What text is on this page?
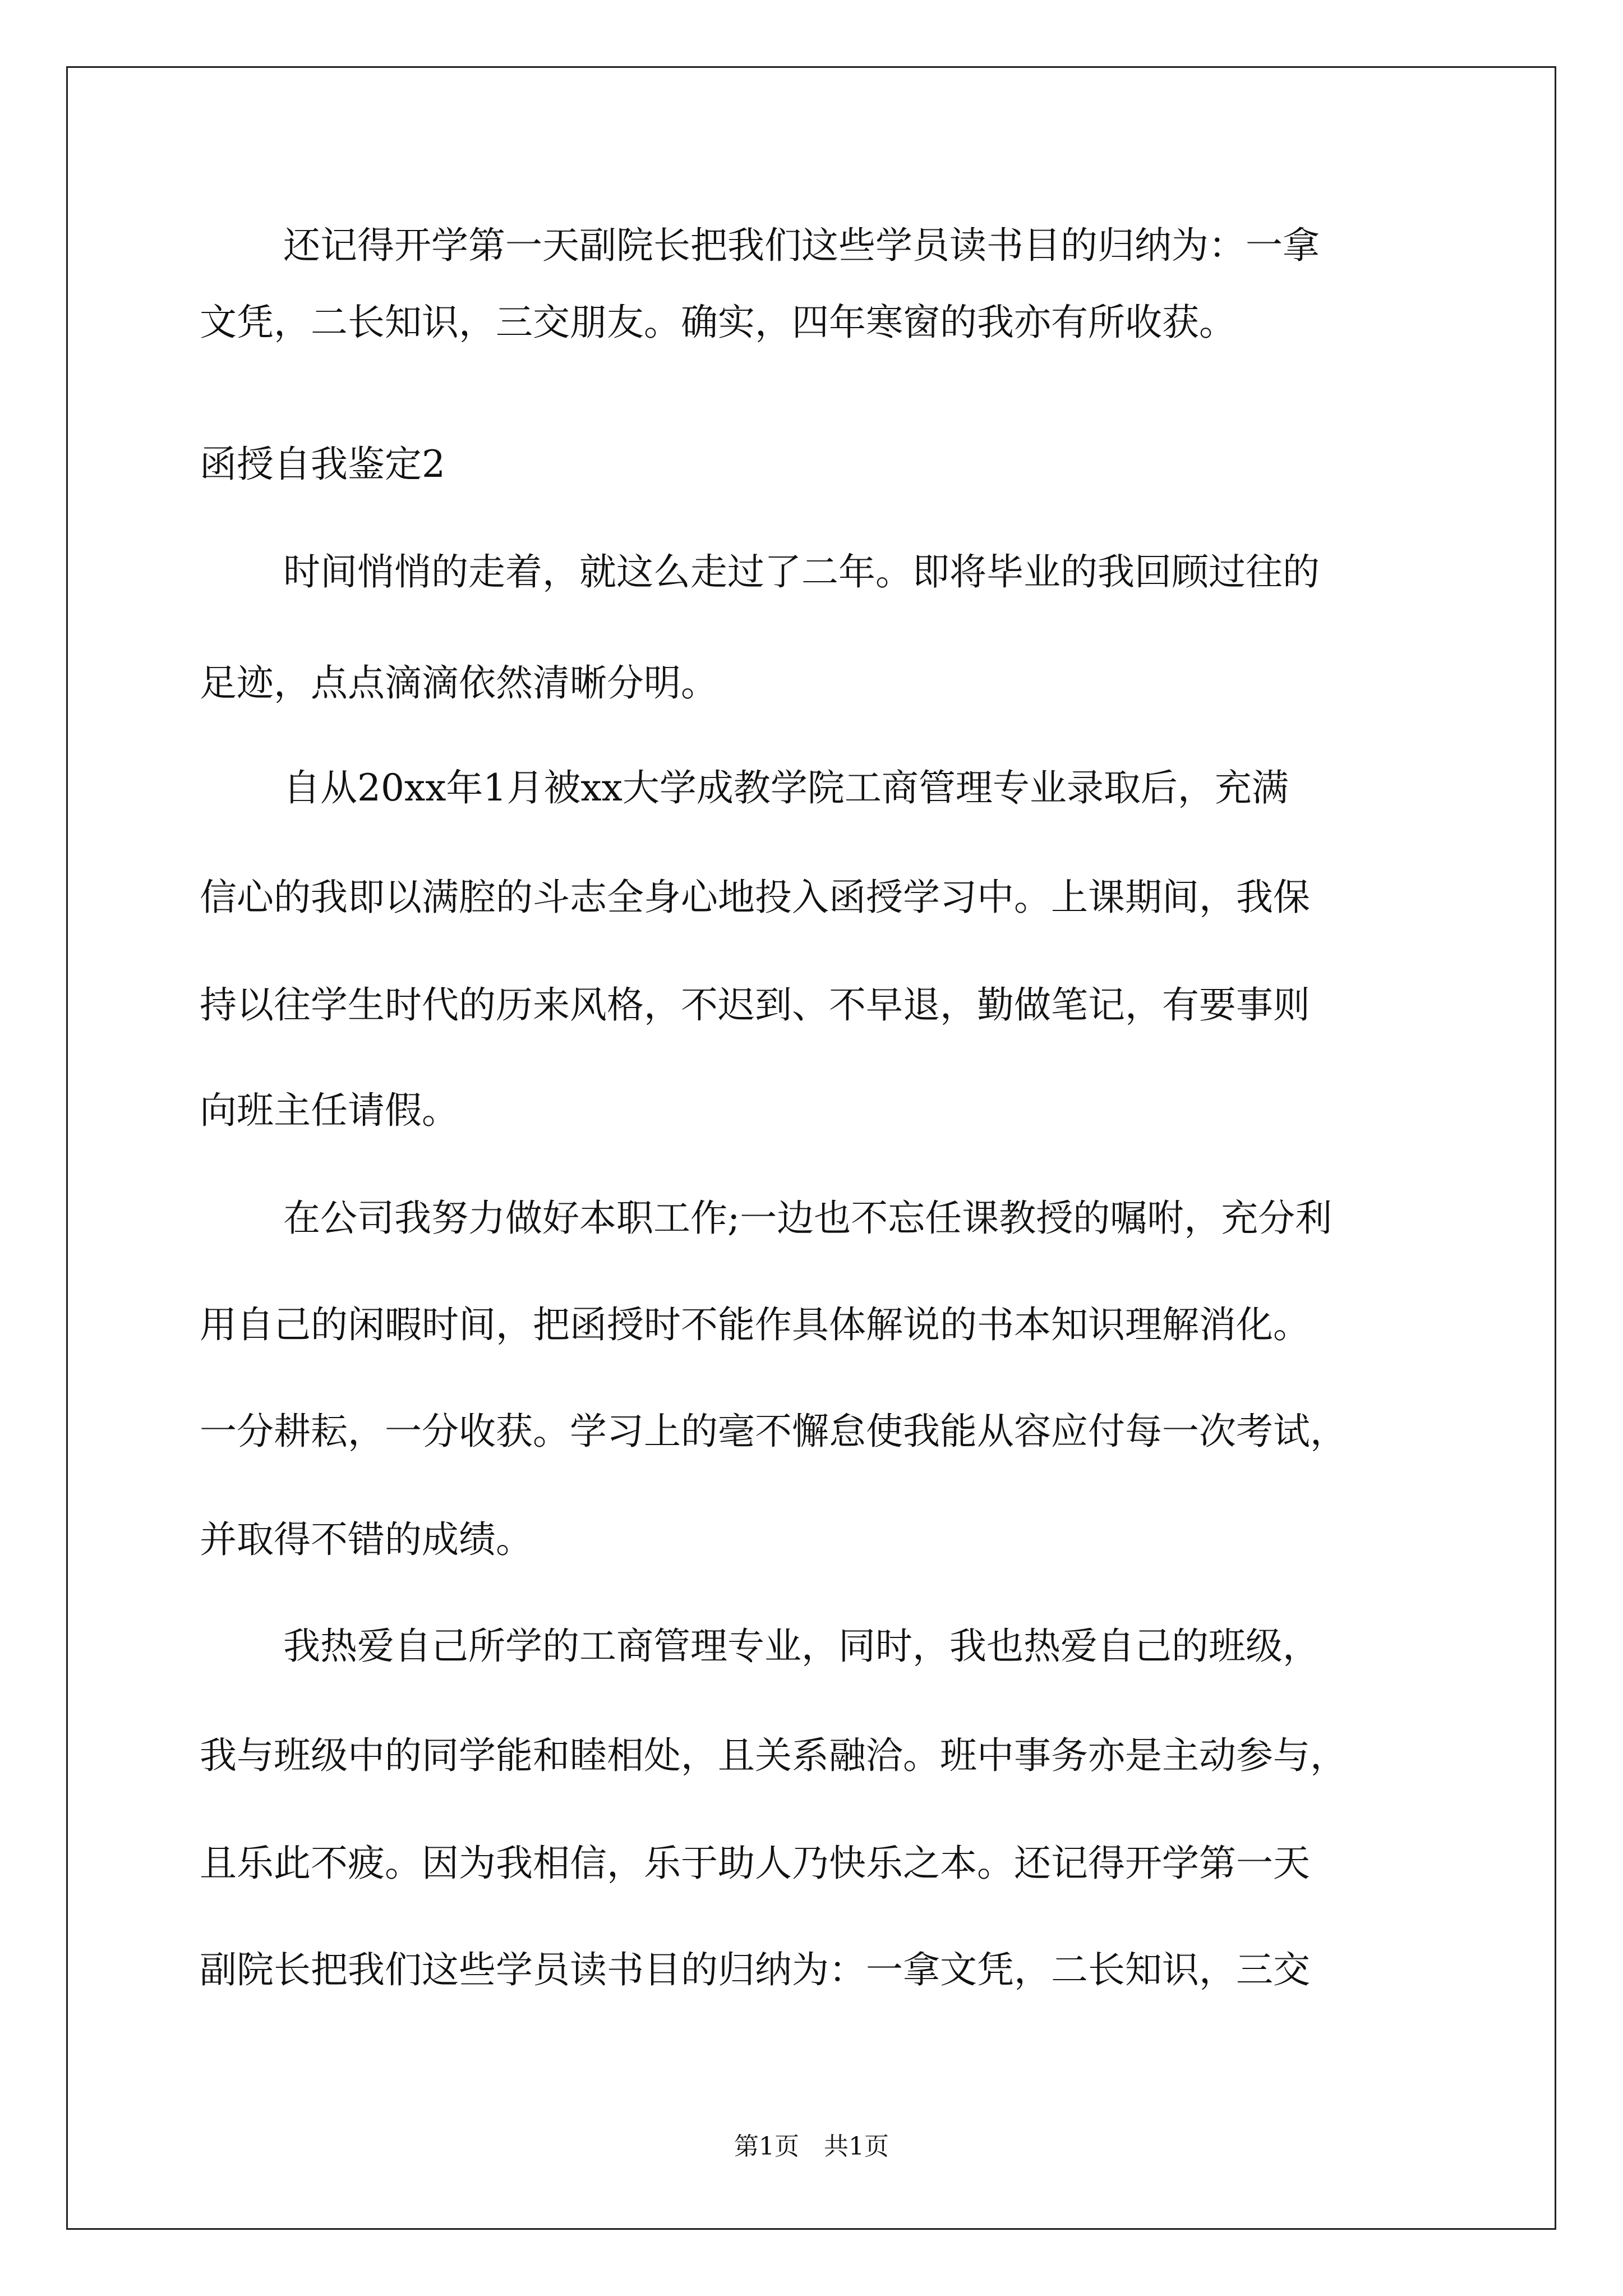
还记得开学第一天副院长把我们这些学员读书目的归纳为：一拿
文凭，二长知识，三交朋友。确实，四年寒窗的我亦有所收获。
函授自我鉴定2
时间悄悄的走着，就这么走过了二年。即将毕业的我回顾过往的
足迹，点点滴滴依然清晰分明。
自从20xx年1月被xx大学成教学院工商管理专业录取后，充满
信心的我即以满腔的斗志全身心地投入函授学习中。上课期间，我保
持以往学生时代的历来风格，不迟到、不早退，勤做笔记，有要事则
向班主任请假。
在公司我努力做好本职工作;一边也不忘任课教授的嘱咐，充分利
用自己的闲暇时间，把函授时不能作具体解说的书本知识理解消化。
一分耕耘，一分收获。学习上的毫不懈怠使我能从容应付每一次考试，
并取得不错的成绩。
我热爱自己所学的工商管理专业，同时，我也热爱自己的班级，
我与班级中的同学能和睦相处，且关系融洽。班中事务亦是主动参与，
且乐此不疲。因为我相信，乐于助人乃快乐之本。还记得开学第一天
副院长把我们这些学员读书目的归纳为：一拿文凭，二长知识，三交
第1页　共1页
